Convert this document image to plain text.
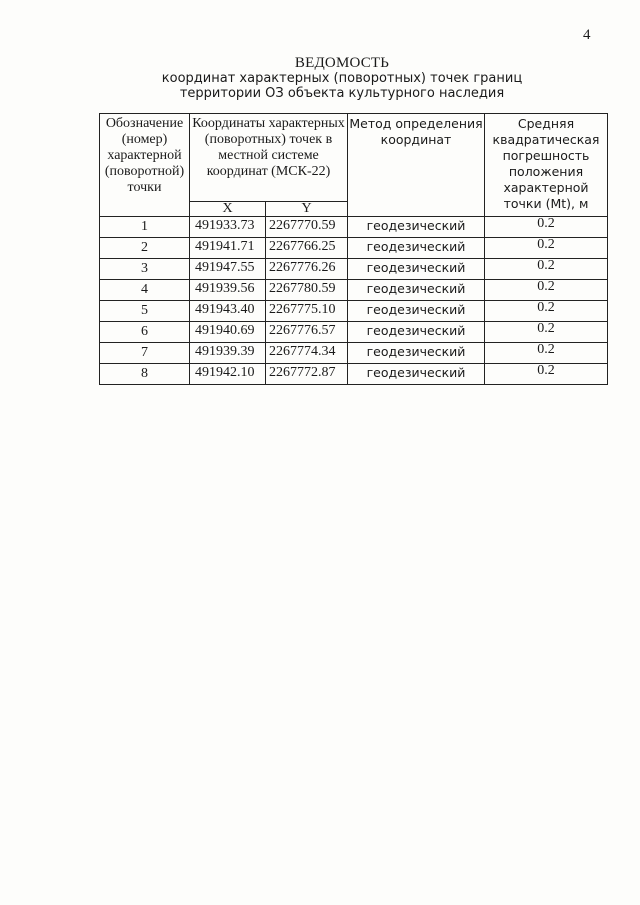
4
ВЕДОМОСТЬ
координат характерных (поворотных) точек границ
территории ОЗ объекта культурного наследия
Обозначение (номер) характерной (поворотной) точки	Координаты характерных (поворотных) точек в местной системе координат (МСК-22)		Метод определения координат	Средняя квадратическая погрешность положения характерной точки (Mt), м
	X	Y		

1	491933.73	2267770.59	геодезический	0.2
2	491941.71	2267766.25	геодезический	0.2
3	491947.55	2267776.26	геодезический	0.2
4	491939.56	2267780.59	геодезический	0.2
5	491943.40	2267775.10	геодезический	0.2
6	491940.69	2267776.57	геодезический	0.2
7	491939.39	2267774.34	геодезический	0.2
8	491942.10	2267772.87	геодезический	0.2
